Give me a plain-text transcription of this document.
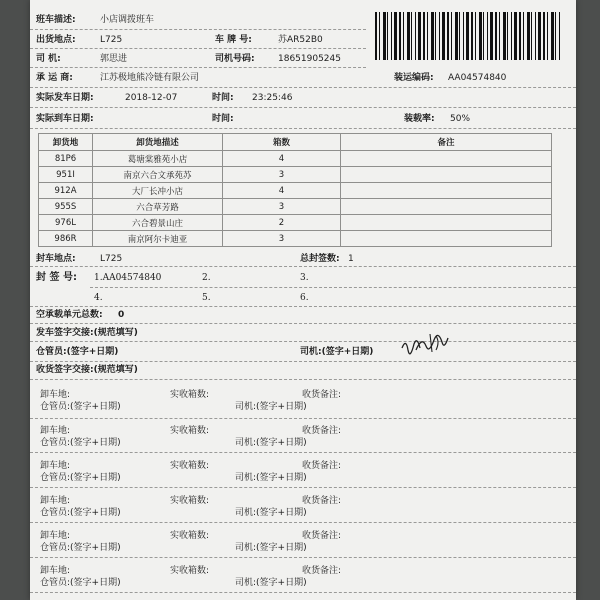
班车描述:	小店调拨班车
出货地点:	L725	车 牌 号:	苏AR52B0
司 机:	郭思进	司机号码:	18651905245
承 运 商:	江苏极地熊冷链有限公司	装运编码: AA04574840
实际发车日期:	2018-12-07	时间: 23:25:46
实际到车日期:	时间:	装载率: 50%
卸货地	卸货地描述	箱数	备注
81P6	葛塘棠雅苑小店	4	
951I	南京六合文承苑苏	3	
912A	大厂长冲小店	4	
955S	六合草芳路	3	
976L	六合碧景山庄	2	
986R	南京阿尔卡迪亚	3	
封车地点:	L725	总封签数: 1
封 签 号: 1.AA04574840	2.	3.
4.	5.	6.
空承载单元总数: 0
发车签字交接:(规范填写)
仓管员:(签字+日期)	司机:(签字+日期)
收货签字交接:(规范填写)
卸车地:	实收箱数:	收货备注:
仓管员:(签字+日期)	司机:(签字+日期)
卸车地:	实收箱数:	收货备注:
仓管员:(签字+日期)	司机:(签字+日期)
卸车地:	实收箱数:	收货备注:
仓管员:(签字+日期)	司机:(签字+日期)
卸车地:	实收箱数:	收货备注:
仓管员:(签字+日期)	司机:(签字+日期)
卸车地:	实收箱数:	收货备注:
仓管员:(签字+日期)	司机:(签字+日期)
卸车地:	实收箱数:	收货备注:
仓管员:(签字+日期)	司机:(签字+日期)
